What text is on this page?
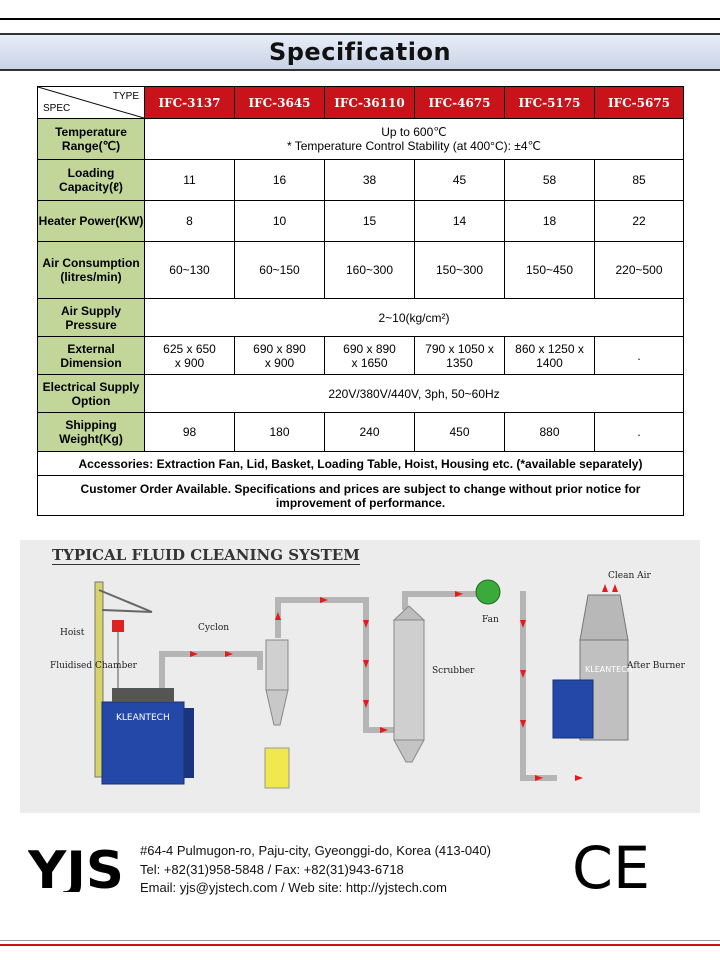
Specification
TYPE
SPEC	IFC-3137	IFC-3645	IFC-36110	IFC-4675	IFC-5175	IFC-5675
Temperature Range(℃)	Up to 600℃
* Temperature Control Stability (at 400°C): ±4℃					

Loading Capacity(ℓ)	11	16	38	45	58	85
Heater Power(KW)	8	10	15	14	18	22
Air Consumption (litres/min)	60~130	60~150	160~300	150~300	150~450	220~500
Air Supply Pressure	2~10(kg/cm²)					
External Dimension	625 x 650 x 900	690 x 890 x 900	690 x 890 x 1650	790 x 1050 x 1350	860 x 1250 x 1400	.
Electrical Supply Option	220V/380V/440V, 3ph, 50~60Hz					
Shipping Weight(Kg)	98	180	240	450	880	.
Accessories: Extraction Fan, Lid, Basket, Loading Table, Hoist, Housing etc. (*available separately)						
Customer Order Available. Specifications and prices are subject to change without prior notice for improvement of performance.						
TYPICAL FLUID CLEANING SYSTEM
KLEANTECH
KLEANTECH
Hoist
Fluidised Chamber
Cyclon
Scrubber
Fan
Clean Air
After Burner
YJS #64-4 Pulmugon-ro, Paju-city, Gyeonggi-do, Korea (413-040)
Tel: +82(31)958-5848 / Fax: +82(31)943-6718
Email: yjs@yjstech.com / Web site: http://yjstech.com	CE
